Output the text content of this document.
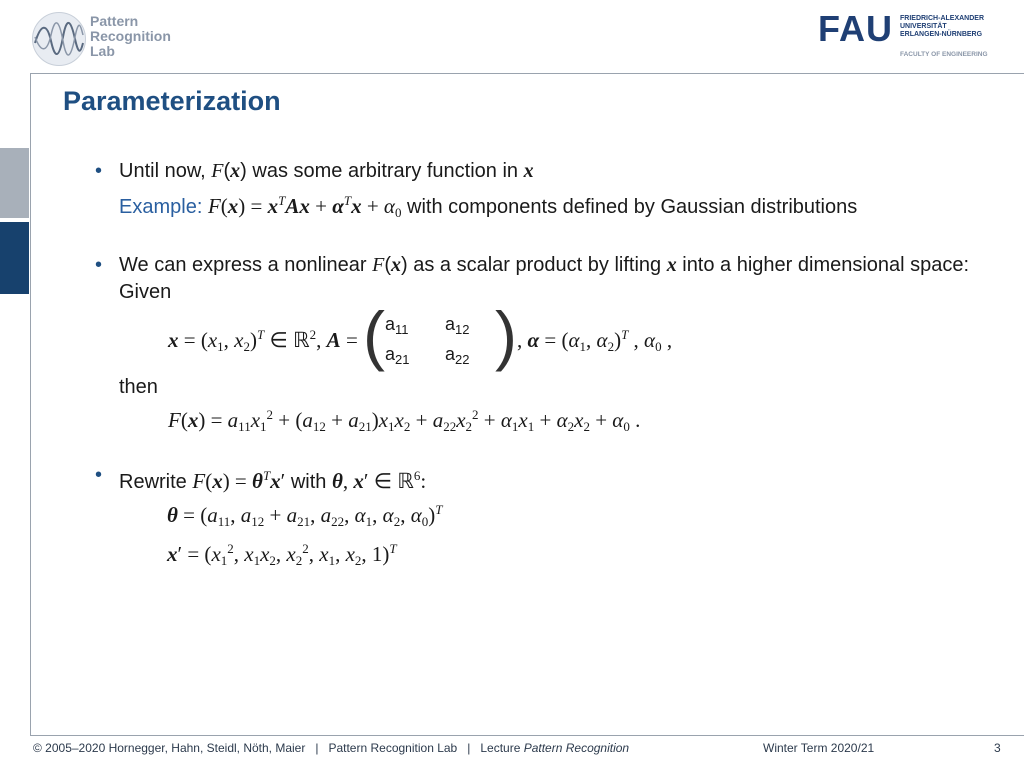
Pattern
Recognition
Lab
FAU FRIEDRICH-ALEXANDER
UNIVERSITÄT
ERLANGEN-NÜRNBERG
FACULTY OF ENGINEERING
Parameterization
• Until now, F(x) was some arbitrary function in x
Example: $F(x) = x^TAx + \alpha^Tx + \alpha_0$ with components defined by Gaussian distributions
• We can express a nonlinear F(x) as a scalar product by lifting x into a higher dimensional space:
Given
$x = (x_1$, $x_2)^T$ ∈ ℝ$^2$, A = ( $a_{11}$	$a_{12}$
$a_{21}$	$a_{22}$ ) , $\alpha = (\alpha_1$, $\alpha_2)^T$ , $\alpha_0$ ,
then
$F(x) = a_{11}x_1^2 + (a_{12} + a_{21})x_1x_2 + a_{22}x_2^2 + \alpha_1x_1 + \alpha_2x_2 + \alpha_0$ .
• Rewrite $F(x) = \theta^Tx'$ with θ, x′ ∈ ℝ$^6$:
$\theta = (a_{11}$, $a_{12} + a_{21}$, $a_{22}$, $\alpha_1$, $\alpha_2$, $\alpha_0)^T$
$x' = (x_1^2$, $x_1x_2$, $x_2^2$, $x_1$, $x_2$, 1)$^T$
© 2005–2020 Hornegger, Hahn, Steidl, Nöth, Maier   |   Pattern Recognition Lab   |   Lecture Pattern Recognition	Winter Term 2020/21	3
